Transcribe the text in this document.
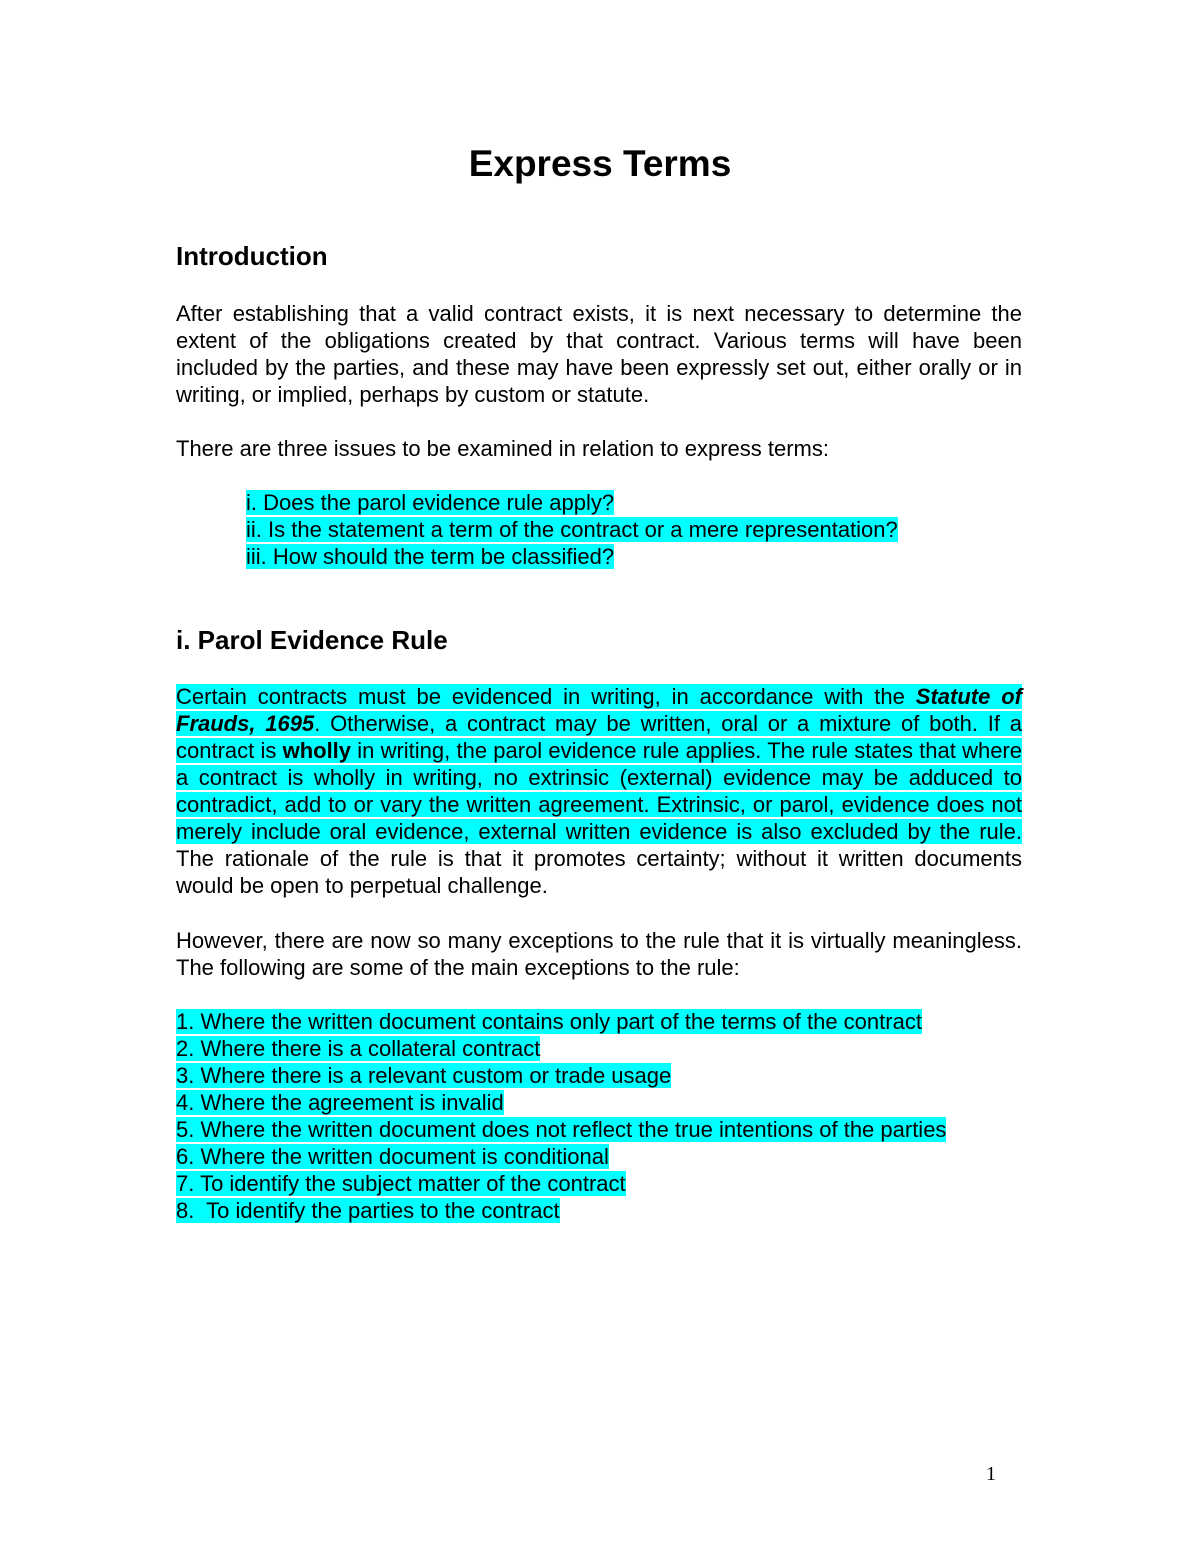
Express Terms
Introduction

After establishing that a valid contract exists, it is next necessary to determine the extent of the obligations created by that contract. Various terms will have been included by the parties, and these may have been expressly set out, either orally or in writing, or implied, perhaps by custom or statute.

There are three issues to be examined in relation to express terms:

i. Does the parol evidence rule apply?
ii. Is the statement a term of the contract or a mere representation?
iii. How should the term be classified?
i. Parol Evidence Rule

Certain contracts must be evidenced in writing, in accordance with the Statute of Frauds, 1695. Otherwise, a contract may be written, oral or a mixture of both. If a contract is wholly in writing, the parol evidence rule applies. The rule states that where a contract is wholly in writing, no extrinsic (external) evidence may be adduced to contradict, add to or vary the written agreement. Extrinsic, or parol, evidence does not merely include oral evidence, external written evidence is also excluded by the rule. The rationale of the rule is that it promotes certainty; without it written documents would be open to perpetual challenge.

However, there are now so many exceptions to the rule that it is virtually meaningless. The following are some of the main exceptions to the rule:

1. Where the written document contains only part of the terms of the contract
2. Where there is a collateral contract
3. Where there is a relevant custom or trade usage
4. Where the agreement is invalid
5. Where the written document does not reflect the true intentions of the parties
6. Where the written document is conditional
7. To identify the subject matter of the contract
8.  To identify the parties to the contract
1
